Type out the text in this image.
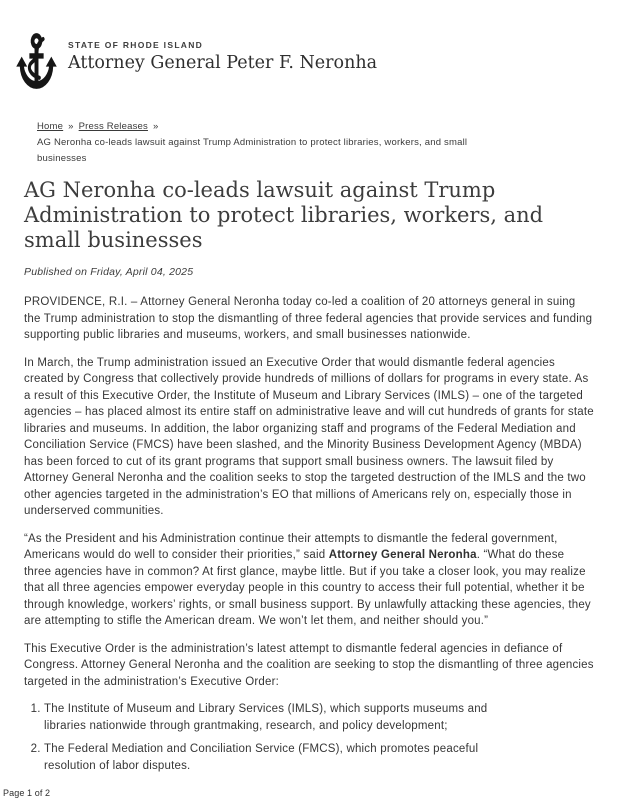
STATE OF RHODE ISLAND
Attorney General Peter F. Neronha
Home » Press Releases »
AG Neronha co-leads lawsuit against Trump Administration to protect libraries, workers, and small businesses
AG Neronha co-leads lawsuit against Trump Administration to protect libraries, workers, and small businesses
Published on Friday, April 04, 2025

PROVIDENCE, R.I. – Attorney General Neronha today co-led a coalition of 20 attorneys general in suing the Trump administration to stop the dismantling of three federal agencies that provide services and funding supporting public libraries and museums, workers, and small businesses nationwide.

In March, the Trump administration issued an Executive Order that would dismantle federal agencies created by Congress that collectively provide hundreds of millions of dollars for programs in every state. As a result of this Executive Order, the Institute of Museum and Library Services (IMLS) – one of the targeted agencies – has placed almost its entire staff on administrative leave and will cut hundreds of grants for state libraries and museums. In addition, the labor organizing staff and programs of the Federal Mediation and Conciliation Service (FMCS) have been slashed, and the Minority Business Development Agency (MBDA) has been forced to cut of its grant programs that support small business owners. The lawsuit filed by Attorney General Neronha and the coalition seeks to stop the targeted destruction of the IMLS and the two other agencies targeted in the administration’s EO that millions of Americans rely on, especially those in underserved communities.

“As the President and his Administration continue their attempts to dismantle the federal government, Americans would do well to consider their priorities,” said Attorney General Neronha. “What do these three agencies have in common? At first glance, maybe little. But if you take a closer look, you may realize that all three agencies empower everyday people in this country to access their full potential, whether it be through knowledge, workers’ rights, or small business support. By unlawfully attacking these agencies, they are attempting to stifle the American dream. We won’t let them, and neither should you.”

This Executive Order is the administration’s latest attempt to dismantle federal agencies in defiance of Congress. Attorney General Neronha and the coalition are seeking to stop the dismantling of three agencies targeted in the administration’s Executive Order:

1. The Institute of Museum and Library Services (IMLS), which supports museums and libraries nationwide through grantmaking, research, and policy development;
2. The Federal Mediation and Conciliation Service (FMCS), which promotes peaceful resolution of labor disputes.
Page 1 of 2
